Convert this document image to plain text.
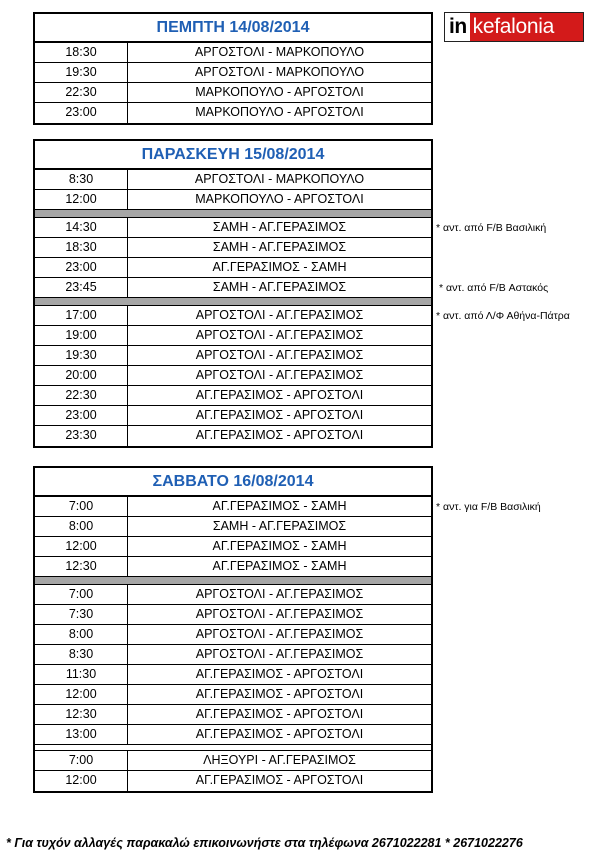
in kefalonia
ΠΕΜΠΤΗ 14/08/2014
18:30	ΑΡΓΟΣΤΟΛΙ - ΜΑΡΚΟΠΟΥΛΟ
19:30	ΑΡΓΟΣΤΟΛΙ - ΜΑΡΚΟΠΟΥΛΟ
22:30	ΜΑΡΚΟΠΟΥΛΟ - ΑΡΓΟΣΤΟΛΙ
23:00	ΜΑΡΚΟΠΟΥΛΟ - ΑΡΓΟΣΤΟΛΙ
ΠΑΡΑΣΚΕΥΗ 15/08/2014
8:30	ΑΡΓΟΣΤΟΛΙ - ΜΑΡΚΟΠΟΥΛΟ
12:00	ΜΑΡΚΟΠΟΥΛΟ - ΑΡΓΟΣΤΟΛΙ
14:30	ΣΑΜΗ - ΑΓ.ΓΕΡΑΣΙΜΟΣ
18:30	ΣΑΜΗ - ΑΓ.ΓΕΡΑΣΙΜΟΣ
23:00	ΑΓ.ΓΕΡΑΣΙΜΟΣ - ΣΑΜΗ
23:45	ΣΑΜΗ - ΑΓ.ΓΕΡΑΣΙΜΟΣ
17:00	ΑΡΓΟΣΤΟΛΙ - ΑΓ.ΓΕΡΑΣΙΜΟΣ
19:00	ΑΡΓΟΣΤΟΛΙ - ΑΓ.ΓΕΡΑΣΙΜΟΣ
19:30	ΑΡΓΟΣΤΟΛΙ - ΑΓ.ΓΕΡΑΣΙΜΟΣ
20:00	ΑΡΓΟΣΤΟΛΙ - ΑΓ.ΓΕΡΑΣΙΜΟΣ
22:30	ΑΓ.ΓΕΡΑΣΙΜΟΣ - ΑΡΓΟΣΤΟΛΙ
23:00	ΑΓ.ΓΕΡΑΣΙΜΟΣ - ΑΡΓΟΣΤΟΛΙ
23:30	ΑΓ.ΓΕΡΑΣΙΜΟΣ - ΑΡΓΟΣΤΟΛΙ
ΣΑΒΒΑΤΟ 16/08/2014
7:00	ΑΓ.ΓΕΡΑΣΙΜΟΣ - ΣΑΜΗ
8:00	ΣΑΜΗ - ΑΓ.ΓΕΡΑΣΙΜΟΣ
12:00	ΑΓ.ΓΕΡΑΣΙΜΟΣ - ΣΑΜΗ
12:30	ΑΓ.ΓΕΡΑΣΙΜΟΣ - ΣΑΜΗ
7:00	ΑΡΓΟΣΤΟΛΙ - ΑΓ.ΓΕΡΑΣΙΜΟΣ
7:30	ΑΡΓΟΣΤΟΛΙ - ΑΓ.ΓΕΡΑΣΙΜΟΣ
8:00	ΑΡΓΟΣΤΟΛΙ - ΑΓ.ΓΕΡΑΣΙΜΟΣ
8:30	ΑΡΓΟΣΤΟΛΙ - ΑΓ.ΓΕΡΑΣΙΜΟΣ
11:30	ΑΓ.ΓΕΡΑΣΙΜΟΣ - ΑΡΓΟΣΤΟΛΙ
12:00	ΑΓ.ΓΕΡΑΣΙΜΟΣ - ΑΡΓΟΣΤΟΛΙ
12:30	ΑΓ.ΓΕΡΑΣΙΜΟΣ - ΑΡΓΟΣΤΟΛΙ
13:00	ΑΓ.ΓΕΡΑΣΙΜΟΣ - ΑΡΓΟΣΤΟΛΙ
7:00	ΛΗΞΟΥΡΙ - ΑΓ.ΓΕΡΑΣΙΜΟΣ
12:00	ΑΓ.ΓΕΡΑΣΙΜΟΣ - ΑΡΓΟΣΤΟΛΙ
* Για τυχόν αλλαγές παρακαλώ επικοινωνήστε στα τηλέφωνα 2671022281 * 2671022276
* αντ. από F/B Βασιλική
* αντ. από F/B Αστακός
* αντ. από Λ/Φ Αθήνα-Πάτρα
* αντ. για F/B Βασιλική
